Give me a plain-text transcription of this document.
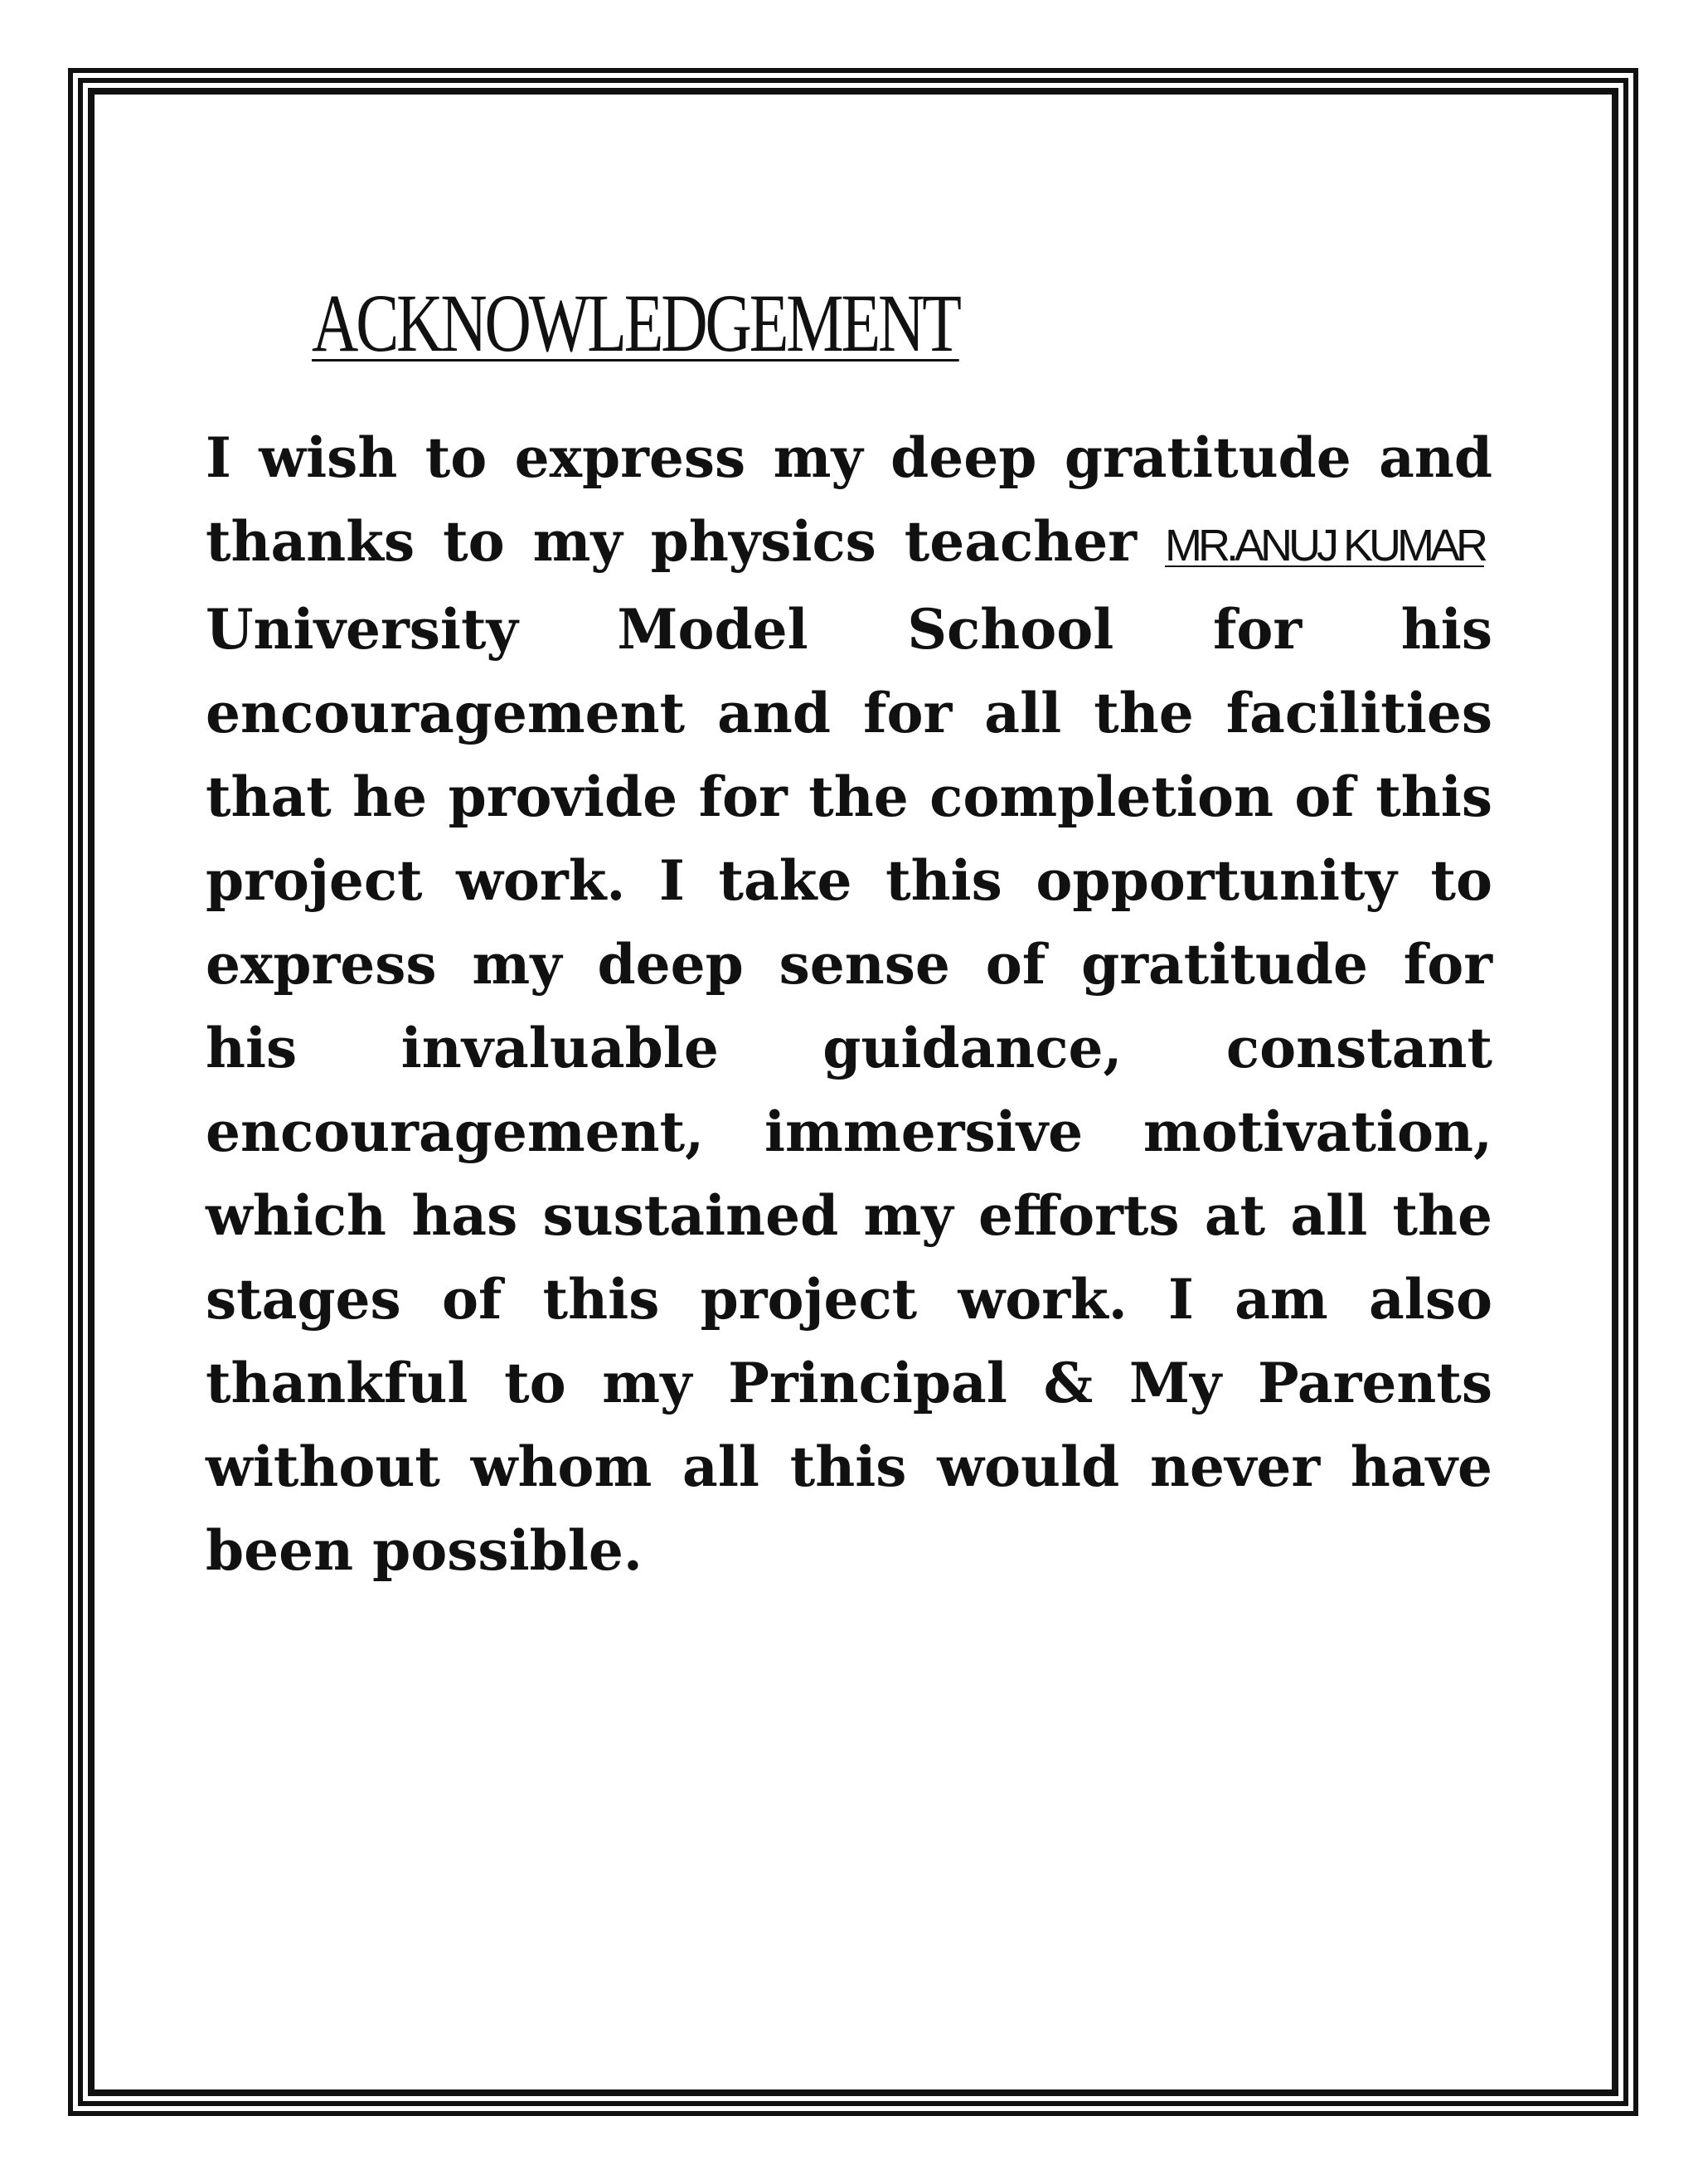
ACKNOWLEDGEMENT
I wish to express my deep gratitude and thanks to my physics teacher MR.ANUJ KUMAR University Model School for his encouragement and for all the facilities that he provide for the completion of this project work. I take this opportunity to express my deep sense of gratitude for his invaluable guidance, constant encouragement, immersive motivation, which has sustained my efforts at all the stages of this project work. I am also thankful to my Principal & My Parents without whom all this would never have been possible.
